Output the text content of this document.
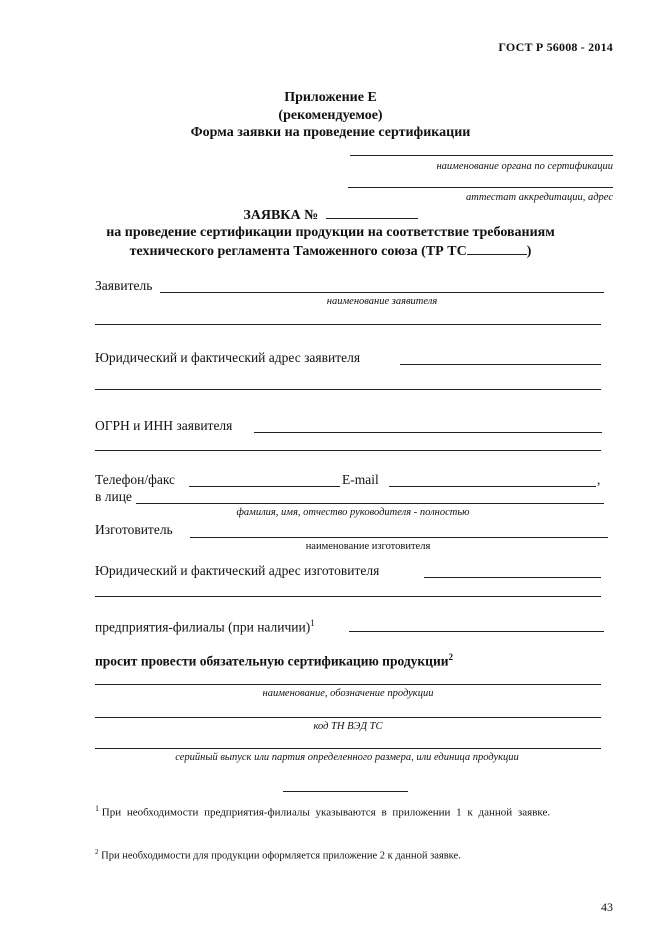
ГОСТ Р 56008 - 2014
Приложение Е
(рекомендуемое)
Форма заявки на проведение сертификации
наименование органа по сертификации
аттестат аккредитации, адрес
ЗАЯВКА №
на проведение сертификации продукции на соответствие требованиям
технического регламента Таможенного союза (ТР ТС	)
Заявитель
наименование заявителя
Юридический и фактический адрес заявителя
ОГРН и ИНН заявителя
Телефон/факс	E-mail	,
в лице
фамилия, имя, отчество руководителя - полностью
Изготовитель
наименование изготовителя
Юридический и фактический адрес изготовителя
предприятия-филиалы (при наличии)$^1$
просит провести обязательную сертификацию продукции$^2$
наименование, обозначение продукции
код ТН ВЭД ТС
серийный выпуск или партия определенного размера, или единица продукции
$^1$ При необходимости предприятия-филиалы указываются в приложении 1 к данной заявке.
$^2$ При необходимости для продукции оформляется приложение 2 к данной заявке.
43
